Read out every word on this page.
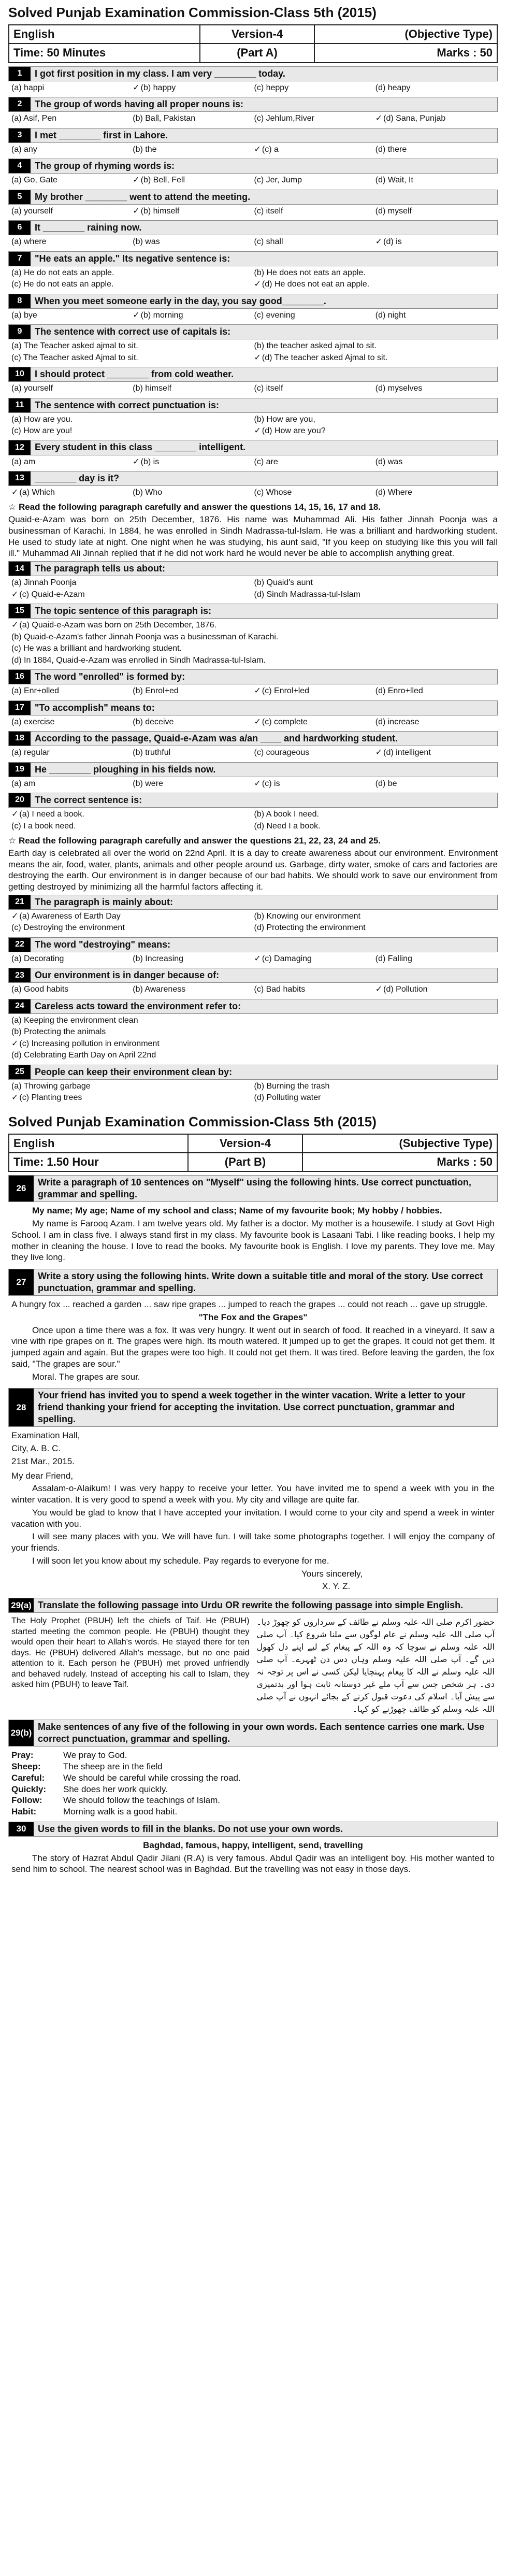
Solved Punjab Examination Commission-Class 5th (2015)
English	Version-4	(Objective Type)
Time: 50 Minutes	(Part A)	Marks : 50
1	I got first position in my class. I am very ________ today.
(a) happi	✓ (b) happy	(c) heppy	(d) heapy
2	The group of words having all proper nouns is:
(a) Asif, Pen	(b) Ball, Pakistan	(c) Jehlum,River	✓ (d) Sana, Punjab
3	I met ________ first in Lahore.
(a) any	(b) the	✓ (c) a	(d) there
4	The group of rhyming words is:
(a) Go, Gate	✓ (b) Bell, Fell	(c) Jer, Jump	(d) Wait, It
5	My brother ________ went to attend the meeting.
(a) yourself	✓ (b) himself	(c) itself	(d) myself
6	It ________ raining now.
(a) where	(b) was	(c) shall	✓ (d) is
7	"He eats an apple." Its negative sentence is:
(a) He do not eats an apple.	(b) He does not eats an apple.
(c) He do not eats an apple.	✓ (d) He does not eat an apple.
8	When you meet someone early in the day, you say good________.
(a) bye	✓ (b) morning	(c) evening	(d) night
9	The sentence with correct use of capitals is:
(a) The Teacher asked ajmal to sit.	(b) the teacher asked ajmal to sit.
(c) The Teacher asked Ajmal to sit.	✓ (d) The teacher asked Ajmal to sit.
10	I should protect ________ from cold weather.
(a) yourself	(b) himself	(c) itself	(d) myselves
11	The sentence with correct punctuation is:
(a) How are you.	(b) How are you,
(c) How are you!	✓ (d) How are you?
12	Every student in this class ________ intelligent.
(a) am	✓ (b) is	(c) are	(d) was
13	________ day is it?
✓ (a) Which	(b) Who	(c) Whose	(d) Where
☆ Read the following paragraph carefully and answer the questions 14, 15, 16, 17 and 18.
Quaid-e-Azam was born on 25th December, 1876. His name was Muhammad Ali. His father Jinnah Poonja was a businessman of Karachi. In 1884, he was enrolled in Sindh Madrassa-tul-Islam. He was a brilliant and hardworking student. He used to study late at night. One night when he was studying, his aunt said, "If you keep on studying like this you will fall ill." Muhammad Ali Jinnah replied that if he did not work hard he would never be able to accomplish anything great.
14	The paragraph tells us about:
(a) Jinnah Poonja	(b) Quaid's aunt
✓ (c) Quaid-e-Azam	(d) Sindh Madrassa-tul-Islam
15	The topic sentence of this paragraph is:
✓ (a) Quaid-e-Azam was born on 25th December, 1876.
(b) Quaid-e-Azam's father Jinnah Poonja was a businessman of Karachi.
(c) He was a brilliant and hardworking student.
(d) In 1884, Quaid-e-Azam was enrolled in Sindh Madrassa-tul-Islam.
16	The word "enrolled" is formed by:
(a) Enr+olled	(b) Enrol+ed	✓ (c) Enrol+led	(d) Enro+lled
17	"To accomplish" means to:
(a) exercise	(b) deceive	✓ (c) complete	(d) increase
18	According to the passage, Quaid-e-Azam was a/an ____ and hardworking student.
(a) regular	(b) truthful	(c) courageous	✓ (d) intelligent
19	He ________ ploughing in his fields now.
(a) am	(b) were	✓ (c) is	(d) be
20	The correct sentence is:
✓ (a) I need a book.	(b) A book I need.
(c) I a book need.	(d) Need I a book.
☆ Read the following paragraph carefully and answer the questions 21, 22, 23, 24 and 25.
Earth day is celebrated all over the world on 22nd April. It is a day to create awareness about our environment. Environment means the air, food, water, plants, animals and other people around us. Garbage, dirty water, smoke of cars and factories are destroying the earth. Our environment is in danger because of our bad habits. We should work to save our environment from getting destroyed by minimizing all the harmful factors affecting it.
21	The paragraph is mainly about:
✓ (a) Awareness of Earth Day	(b) Knowing our environment
(c) Destroying the environment	(d) Protecting the environment
22	The word "destroying" means:
(a) Decorating	(b) Increasing	✓ (c) Damaging	(d) Falling
23	Our environment is in danger because of:
(a) Good habits	(b) Awareness	(c) Bad habits	✓ (d) Pollution
24	Careless acts toward the environment refer to:
(a) Keeping the environment clean
(b) Protecting the animals
✓ (c) Increasing pollution in environment
(d) Celebrating Earth Day on April 22nd
25	People can keep their environment clean by:
(a) Throwing garbage	(b) Burning the trash
✓ (c) Planting trees	(d) Polluting water
Solved Punjab Examination Commission-Class 5th (2015)
English	Version-4	(Subjective Type)
Time: 1.50 Hour	(Part B)	Marks : 50
26
Write a paragraph of 10 sentences on "Myself" using the following hints. Use correct punctuation, grammar and spelling.

My name; My age; Name of my school and class; Name of my favourite book; My hobby / hobbies.

My name is Farooq Azam. I am twelve years old. My father is a doctor. My mother is a housewife. I study at Govt High School. I am in class five. I always stand first in my class. My favourite book is Lasaani Tabi. I like reading books. I help my mother in cleaning the house. I love to read the books. My favourite book is English. I love my parents. They love me. May they live long.

27
Write a story using the following hints. Write down a suitable title and moral of the story. Use correct punctuation, grammar and spelling.

A hungry fox ... reached a garden ... saw ripe grapes ... jumped to reach the grapes ... could not reach ... gave up struggle.

"The Fox and the Grapes"

Once upon a time there was a fox. It was very hungry. It went out in search of food. It reached in a vineyard. It saw a vine with ripe grapes on it. The grapes were high. Its mouth watered. It jumped up to get the grapes. It could not get them. It jumped again and again. But the grapes were too high. It could not get them. It was tired. Before leaving the garden, the fox said, "The grapes are sour."

Moral. The grapes are sour.

28
Your friend has invited you to spend a week together in the winter vacation. Write a letter to your friend thanking your friend for accepting the invitation. Use correct punctuation, grammar and spelling.

Examination Hall,

City, A. B. C.

21st Mar., 2015.

My dear Friend,

Assalam-o-Alaikum! I was very happy to receive your letter. You have invited me to spend a week with you in the winter vacation. It is very good to spend a week with you. My city and village are quite far.

You would be glad to know that I have accepted your invitation. I would come to your city and spend a week in winter vacation with you.

I will see many places with you. We will have fun. I will take some photographs together. I will enjoy the company of your friends.

I will soon let you know about my schedule. Pay regards to everyone for me.

Yours sincerely,

X. Y. Z.

29(a) Translate the following passage into Urdu OR rewrite the following passage into simple English.
The Holy Prophet (PBUH) left the chiefs of Taif. He (PBUH) started meeting the common people. He (PBUH) thought they would open their heart to Allah's words. He stayed there for ten days. He (PBUH) delivered Allah's message, but no one paid attention to it. Each person he (PBUH) met proved unfriendly and behaved rudely. Instead of accepting his call to Islam, they asked him (PBUH) to leave Taif.
حضور اکرم صلی اللہ علیہ وسلم نے طائف کے سرداروں کو چھوڑ دیا۔ آپ صلی اللہ علیہ وسلم نے عام لوگوں سے ملنا شروع کیا۔ آپ صلی اللہ علیہ وسلم نے سوچا کہ وہ اللہ کے پیغام کے لیے اپنے دل کھول دیں گے۔ آپ صلی اللہ علیہ وسلم وہاں دس دن ٹھہرے۔ آپ صلی اللہ علیہ وسلم نے اللہ کا پیغام پہنچایا لیکن کسی نے اس پر توجہ نہ دی۔ ہر شخص جس سے آپ ملے غیر دوستانہ ثابت ہوا اور بدتمیزی سے پیش آیا۔ اسلام کی دعوت قبول کرنے کے بجائے انہوں نے آپ صلی اللہ علیہ وسلم کو طائف چھوڑنے کو کہا۔
29(b)
Make sentences of any five of the following in your own words. Each sentence carries one mark. Use correct punctuation, grammar and spelling.
Pray:	We pray to God.
Sheep:	The sheep are in the field
Careful:	We should be careful while crossing the road.
Quickly:	She does her work quickly.
Follow:	We should follow the teachings of Islam.
Habit:	Morning walk is a good habit.
30	Use the given words to fill in the blanks. Do not use your own words.

Baghdad, famous, happy, intelligent, send, travelling

The story of Hazrat Abdul Qadir Jilani (R.A) is very famous. Abdul Qadir was an intelligent boy. His mother wanted to send him to school. The nearest school was in Baghdad. But the travelling was not easy in those days.
